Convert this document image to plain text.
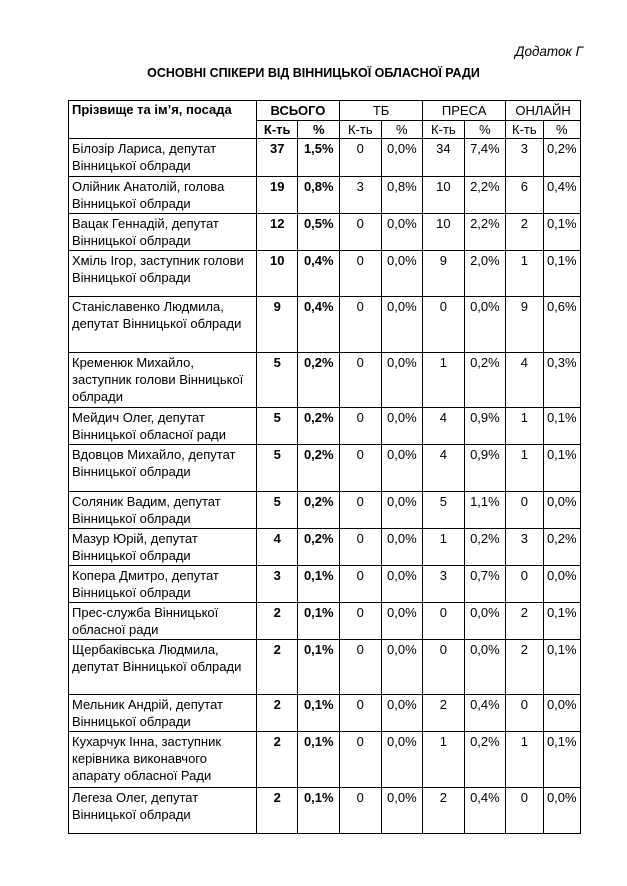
Додаток Г
ОСНОВНІ СПІКЕРИ ВІД ВІННИЦЬКОЇ ОБЛАСНОЇ РАДИ
Прізвище та ім’я, посада	ВСЬОГО		ТБ		ПРЕСА		ОНЛАЙН	
	К-ть	%	К-ть	%	К-ть	%	К-ть	%
Білозір Лариса, депутат Вінницької облради	37	1,5%	0	0,0%	34	7,4%	3	0,2%
Олійник Анатолій, голова Вінницької облради	19	0,8%	3	0,8%	10	2,2%	6	0,4%
Вацак Геннадій, депутат Вінницької облради	12	0,5%	0	0,0%	10	2,2%	2	0,1%
Хміль Ігор, заступник голови Вінницької облради	10	0,4%	0	0,0%	9	2,0%	1	0,1%
Станіславенко Людмила, депутат Вінницької облради	9	0,4%	0	0,0%	0	0,0%	9	0,6%
Кременюк Михайло, заступник голови Вінницької облради	5	0,2%	0	0,0%	1	0,2%	4	0,3%
Мейдич Олег, депутат Вінницької обласної ради	5	0,2%	0	0,0%	4	0,9%	1	0,1%
Вдовцов Михайло, депутат Вінницької облради	5	0,2%	0	0,0%	4	0,9%	1	0,1%
Соляник Вадим, депутат Вінницької облради	5	0,2%	0	0,0%	5	1,1%	0	0,0%
Мазур Юрій, депутат Вінницької облради	4	0,2%	0	0,0%	1	0,2%	3	0,2%
Копера Дмитро, депутат Вінницької облради	3	0,1%	0	0,0%	3	0,7%	0	0,0%
Прес-служба Вінницької обласної ради	2	0,1%	0	0,0%	0	0,0%	2	0,1%
Щербаківська Людмила, депутат Вінницької облради	2	0,1%	0	0,0%	0	0,0%	2	0,1%
Мельник Андрій, депутат Вінницької облради	2	0,1%	0	0,0%	2	0,4%	0	0,0%
Кухарчук Інна, заступник керівника виконавчого апарату обласної Ради	2	0,1%	0	0,0%	1	0,2%	1	0,1%
Легеза Олег, депутат Вінницької облради	2	0,1%	0	0,0%	2	0,4%	0	0,0%
